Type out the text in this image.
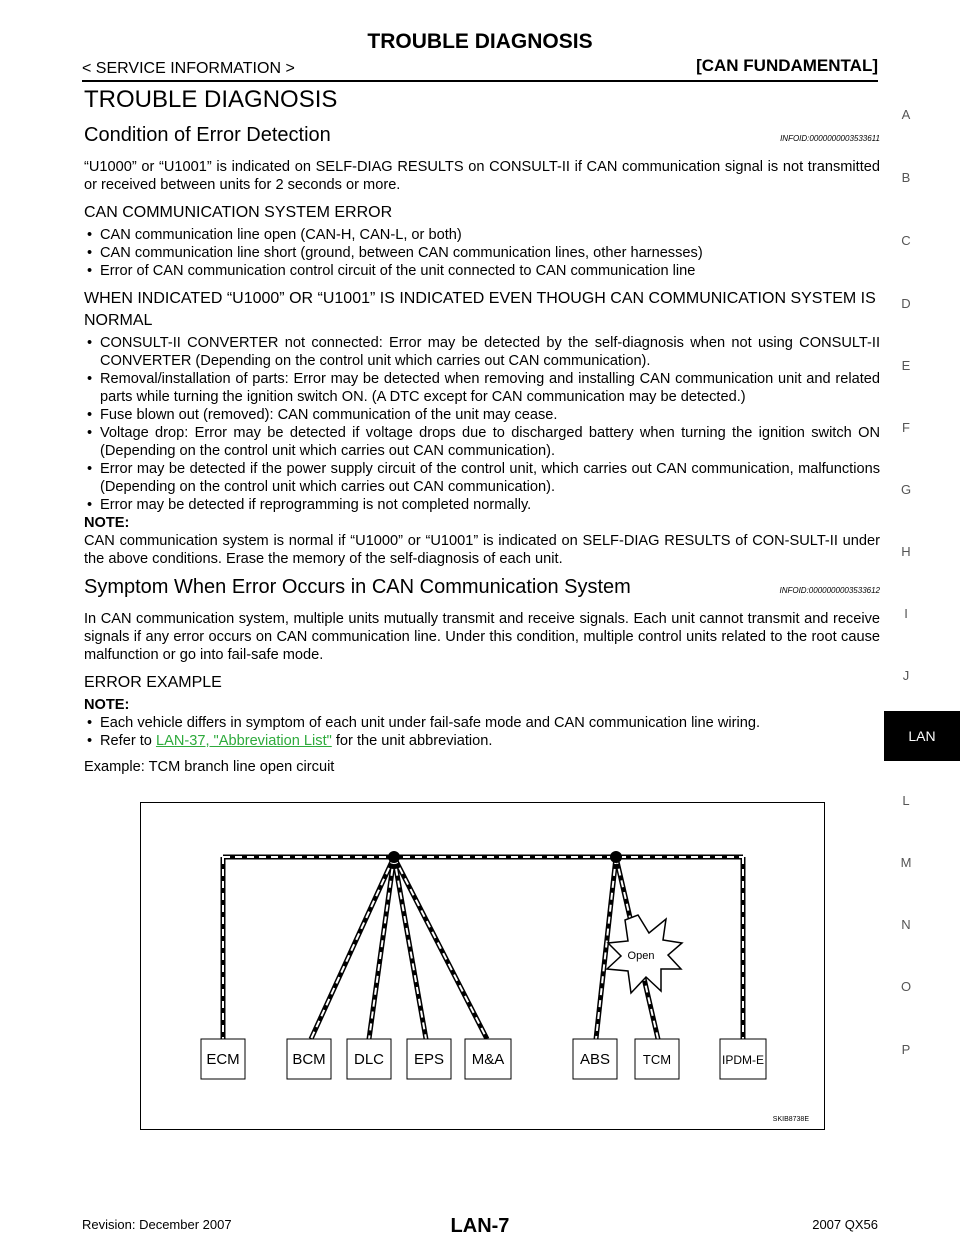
TROUBLE DIAGNOSIS
< SERVICE INFORMATION >	[CAN FUNDAMENTAL]
TROUBLE DIAGNOSIS
Condition of Error Detection	INFOID:0000000003533611

“U1000” or “U1001” is indicated on SELF-DIAG RESULTS on CONSULT-II if CAN communication signal is not transmitted or received between units for 2 seconds or more.

CAN COMMUNICATION SYSTEM ERROR
• CAN communication line open (CAN-H, CAN-L, or both)
• CAN communication line short (ground, between CAN communication lines, other harnesses)
• Error of CAN communication control circuit of the unit connected to CAN communication line
WHEN INDICATED “U1000” OR “U1001” IS INDICATED EVEN THOUGH CAN COMMUNICATION SYSTEM IS NORMAL
• CONSULT-II CONVERTER not connected: Error may be detected by the self-diagnosis when not using CONSULT-II CONVERTER (Depending on the control unit which carries out CAN communication).
• Removal/installation of parts: Error may be detected when removing and installing CAN communication unit and related parts while turning the ignition switch ON. (A DTC except for CAN communication may be detected.)
• Fuse blown out (removed): CAN communication of the unit may cease.
• Voltage drop: Error may be detected if voltage drops due to discharged battery when turning the ignition switch ON (Depending on the control unit which carries out CAN communication).
• Error may be detected if the power supply circuit of the control unit, which carries out CAN communication, malfunctions (Depending on the control unit which carries out CAN communication).
• Error may be detected if reprogramming is not completed normally.
NOTE:

CAN communication system is normal if “U1000” or “U1001” is indicated on SELF-DIAG RESULTS of CON-SULT-II under the above conditions. Erase the memory of the self-diagnosis of each unit.

Symptom When Error Occurs in CAN Communication System	INFOID:0000000003533612

In CAN communication system, multiple units mutually transmit and receive signals. Each unit cannot transmit and receive signals if any error occurs on CAN communication line. Under this condition, multiple control units related to the root cause malfunction or go into fail-safe mode.

ERROR EXAMPLE
NOTE:
• Each vehicle differs in symptom of each unit under fail-safe mode and CAN communication line wiring.
• Refer to LAN-37, "Abbreviation List" for the unit abbreviation.
Example: TCM branch line open circuit
Open
ECM	BCM DLC EPS M&A	ABS	TCM	IPDM-E
SKIB8738E
A
B
C
D
E
F
G
H
I
J
LAN
L
M
N
O
P
Revision: December 2007	LAN-7	2007 QX56
